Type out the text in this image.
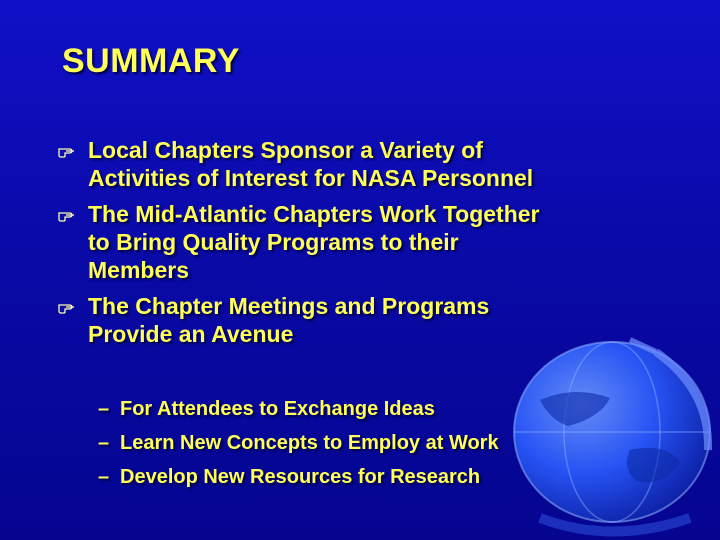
SUMMARY
Local Chapters Sponsor a Variety of
Activities of Interest for NASA Personnel
The Mid-Atlantic Chapters Work Together
to Bring Quality Programs to their
Members
The Chapter Meetings and Programs
Provide an Avenue
– For Attendees to Exchange Ideas
– Learn New Concepts to Employ at Work
– Develop New Resources for Research
